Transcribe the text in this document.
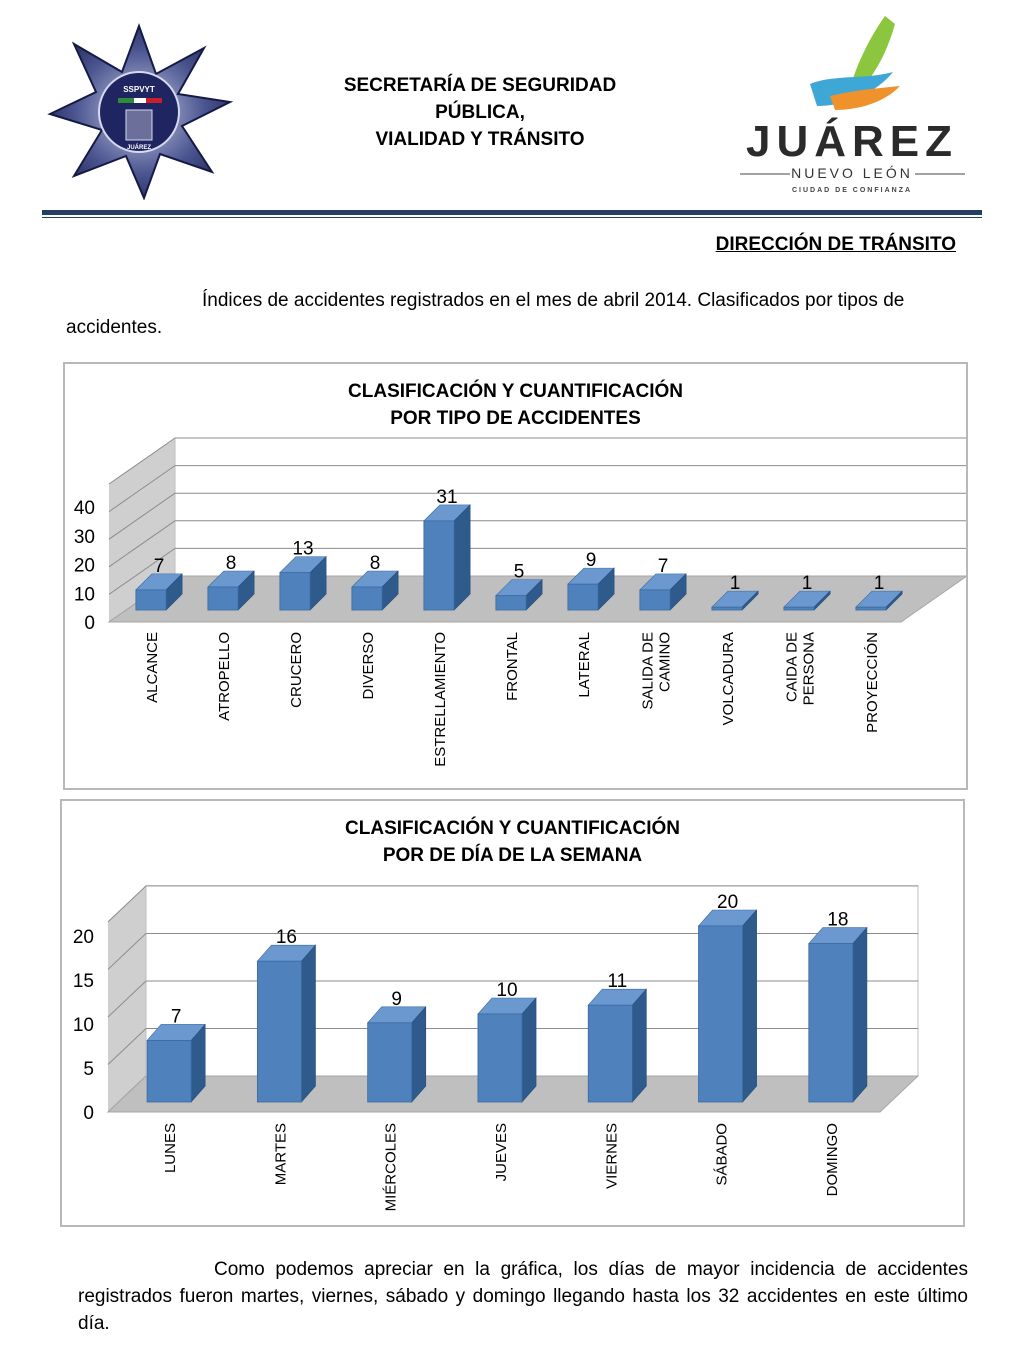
SSPVYT
JUÁREZ	JUÁREZ
NUEVO LEÓN
CIUDAD DE CONFIANZA
SECRETARÍA DE SEGURIDAD
PÚBLICA,
VIALIDAD Y TRÁNSITO
DIRECCIÓN DE TRÁNSITO
Índices de accidentes registrados en el mes de abril 2014. Clasificados por tipos de accidentes.
CLASIFICACIÓN Y CUANTIFICACIÓN
POR TIPO DE ACCIDENTES
0
10
20
30
40
7
ALCANCE
8
ATROPELLO
13
CRUCERO
8
DIVERSO
31
ESTRELLAMIENTO
5
FRONTAL
9
LATERAL
7
SALIDA DE CAMINO
1
VOLCADURA
1
CAIDA DE PERSONA
1
PROYECCIÓN
CLASIFICACIÓN Y CUANTIFICACIÓN
POR DE DÍA DE LA SEMANA
0
5
10
15
20
7
LUNES
16
MARTES
9
MIÉRCOLES
10
JUEVES
11
VIERNES
20
SÁBADO
18
DOMINGO
Como podemos apreciar en la gráfica, los días de mayor incidencia de accidentes registrados fueron martes, viernes, sábado y domingo llegando hasta los 32 accidentes en este último día.
